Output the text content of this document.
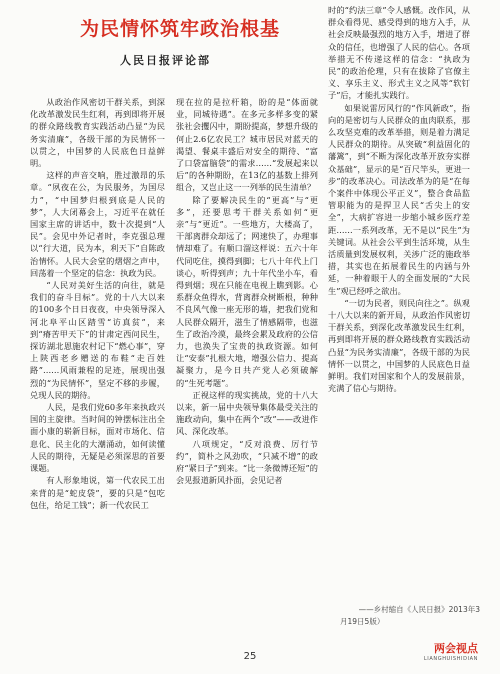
为民情怀筑牢政治根基
人民日报评论部

从政治作风密切干群关系，到深化改革激发民生红利，再到即将开展的群众路线教育实践活动凸显“为民务实清廉”，各级干部的为民情怀一以贯之，中国梦的人民底色日益鲜明。

这样的声音交响，胜过激昂的乐章。“夙夜在公，为民服务，为国尽力”，“中国梦归根到底是人民的梦”，人大闭幕会上，习近平在就任国家主席的讲话中，数十次提到“人民”。会见中外记者时，李克强总理以“行大道，民为本，利天下”自陈政治情怀。人民大会堂的熠熠之声中，回荡着一个坚定的信念：执政为民。

“人民对美好生活的向往，就是我们的奋斗目标”。党的十八大以来的100多个日日夜夜，中央领导深入河北阜平山区踏雪“访真贫”，来到“瘠苦甲天下”的甘肃定西问民生，探访湖北恩施农村记下“燃心事”，穿上陕西老乡赠送的布鞋“走百姓路”……风雨兼程的足迹，展现出强烈的“为民情怀”，坚定不移的步履，兑现人民的期待。

人民，是我们党60多年来执政兴国的主旋律。当时间的钟摆标注出全面小康的崭新目标，面对市场化、信息化、民主化的大潮涌动，如何读懂人民的期待，无疑是必须深思的首要课题。

有人形象地说，第一代农民工出来背的是“蛇皮袋”，要的只是“包吃包住，给足工钱”；新一代农民工

现在拉的是拉杆箱，盼的是“体面就业，同城待遇”。在多元多样多变的紧张社会攫闪中，期盼提高，梦想升级的何止2.6亿农民工？城市居民对蓝天的渴望、餐桌丰盛后对安全的期待、“富了口袋富脑袋”的需求……“发展起来以后”的各种期盼，在13亿的基数上排列组合，又岂止这一一列举的民生清单？

除了要解决民生的“更高”与“更多”，还要思考干群关系如何“更亲”与“更近”。一些地方，大楼高了，干部离群众却远了；网速快了，办理事情却难了。有顺口溜这样说：五六十年代同吃住，摸得到脚；七八十年代上门谈心，听得到声；九十年代坐小车，看得到烟；现在只能在电视上瞧到影。心系群众鱼得水，背离群众树断根，种种不良风气像一座无形的墙，把我们党和人民群众隔开，滋生了情感隔带，也滋生了政治冷漠，最终会累及政府的公信力，也涣失了宝贵的执政资源。如何让“安泰”扎根大地，增强公信力、提高凝聚力，是今日共产党人必须破解的“生死考题”。

正视这样的现实挑战，党的十八大以来，新一届中央领导集体最受关注的施政动向，集中在两个“改”——改进作风、深化改革。

八项规定，“反对浪费、厉行节约”，简朴之风劲吹，“只减不增”的政府“紧日子”到来。“比一条微博还短”的会见报道新风扑面，会见记者

时的“约法三章”令人感慨。改作风，从群众看得见、感受得到的地方入手，从社会反映最强烈的地方入手，增进了群众的信任，也增强了人民的信心。各项举措无不传递这样的信念：“执政为民”的政治伦理，只有在拔除了官僚主义、享乐主义、形式主义之风等“软钉子”后，才能扎实践行。

如果说雷厉风行的“作风新政”，指向的是密切与人民群众的血肉联系，那么攻坚克难的改革举措，则是着力满足人民群众的期待。从突破“利益固化的藩篱”，到“不断为深化改革开放夯实群众基础”，显示的是“百尺竿头，更进一步”的改革决心。司法改革为的是“在每个案件中体现公平正义”，整合食品监管职能为的是捍卫人民“舌尖上的安全”，大病扩容进一步缩小城乡医疗差距……一系列改革，无不是以“民生”为关键词。从社会公平到生活环境，从生活质量到发展权利，关涉广泛的施政举措，其实也在拓展着民生的内涵与外延，一种着眼于人的全面发展的“大民生”观已经呼之欲出。

“一切为民者，则民向往之”。纵观十八大以来的新开局，从政治作风密切干群关系，到深化改革激发民生红利，再到即将开展的群众路线教育实践活动凸显“为民务实清廉”，各级干部的为民情怀一以贯之，中国梦的人民底色日益鲜明。我们对国家和个人的发展前景，充满了信心与期待。

——乡村缩自《人民日报》2013年3
月19日5版）
25
两会视点
LIANGHUISHIDIAN
